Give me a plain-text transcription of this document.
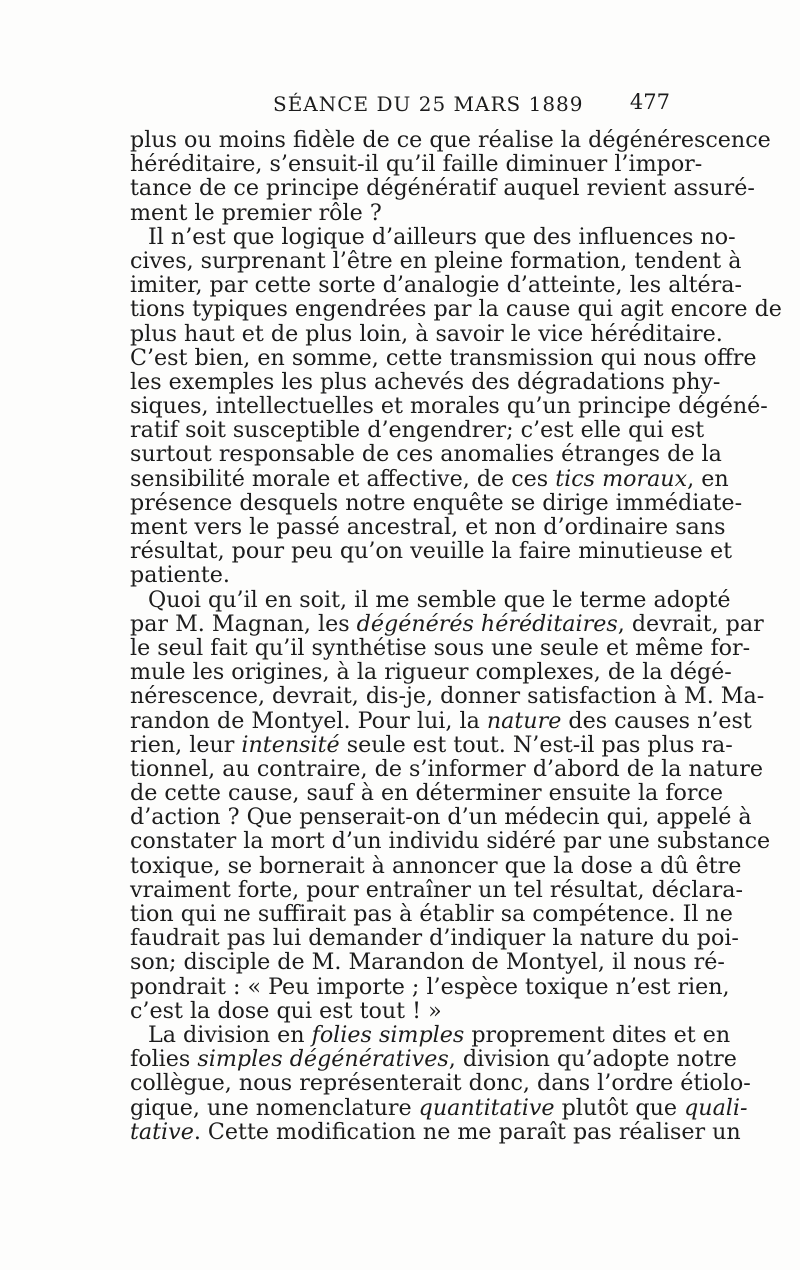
SÉANCE DU 25 MARS 1889 477
plus ou moins fidèle de ce que réalise la dégénérescence
héréditaire, s’ensuit-il qu’il faille diminuer l’impor-
tance de ce principe dégénératif auquel revient assuré-
ment le premier rôle ?
Il n’est que logique d’ailleurs que des influences no-
cives, surprenant l’être en pleine formation, tendent à
imiter, par cette sorte d’analogie d’atteinte, les altéra-
tions typiques engendrées par la cause qui agit encore de
plus haut et de plus loin, à savoir le vice héréditaire.
C’est bien, en somme, cette transmission qui nous offre
les exemples les plus achevés des dégradations phy-
siques, intellectuelles et morales qu’un principe dégéné-
ratif soit susceptible d’engendrer; c’est elle qui est
surtout responsable de ces anomalies étranges de la
sensibilité morale et affective, de ces tics moraux, en
présence desquels notre enquête se dirige immédiate-
ment vers le passé ancestral, et non d’ordinaire sans
résultat, pour peu qu’on veuille la faire minutieuse et
patiente.
Quoi qu’il en soit, il me semble que le terme adopté
par M. Magnan, les dégénérés héréditaires, devrait, par
le seul fait qu’il synthétise sous une seule et même for-
mule les origines, à la rigueur complexes, de la dégé-
nérescence, devrait, dis-je, donner satisfaction à M. Ma-
randon de Montyel. Pour lui, la nature des causes n’est
rien, leur intensité seule est tout. N’est-il pas plus ra-
tionnel, au contraire, de s’informer d’abord de la nature
de cette cause, sauf à en déterminer ensuite la force
d’action ? Que penserait-on d’un médecin qui, appelé à
constater la mort d’un individu sidéré par une substance
toxique, se bornerait à annoncer que la dose a dû être
vraiment forte, pour entraîner un tel résultat, déclara-
tion qui ne suffirait pas à établir sa compétence. Il ne
faudrait pas lui demander d’indiquer la nature du poi-
son; disciple de M. Marandon de Montyel, il nous ré-
pondrait : « Peu importe ; l’espèce toxique n’est rien,
c’est la dose qui est tout ! »
La division en folies simples proprement dites et en
folies simples dégénératives, division qu’adopte notre
collègue, nous représenterait donc, dans l’ordre étiolo-
gique, une nomenclature quantitative plutôt que quali-
tative. Cette modification ne me paraît pas réaliser un
